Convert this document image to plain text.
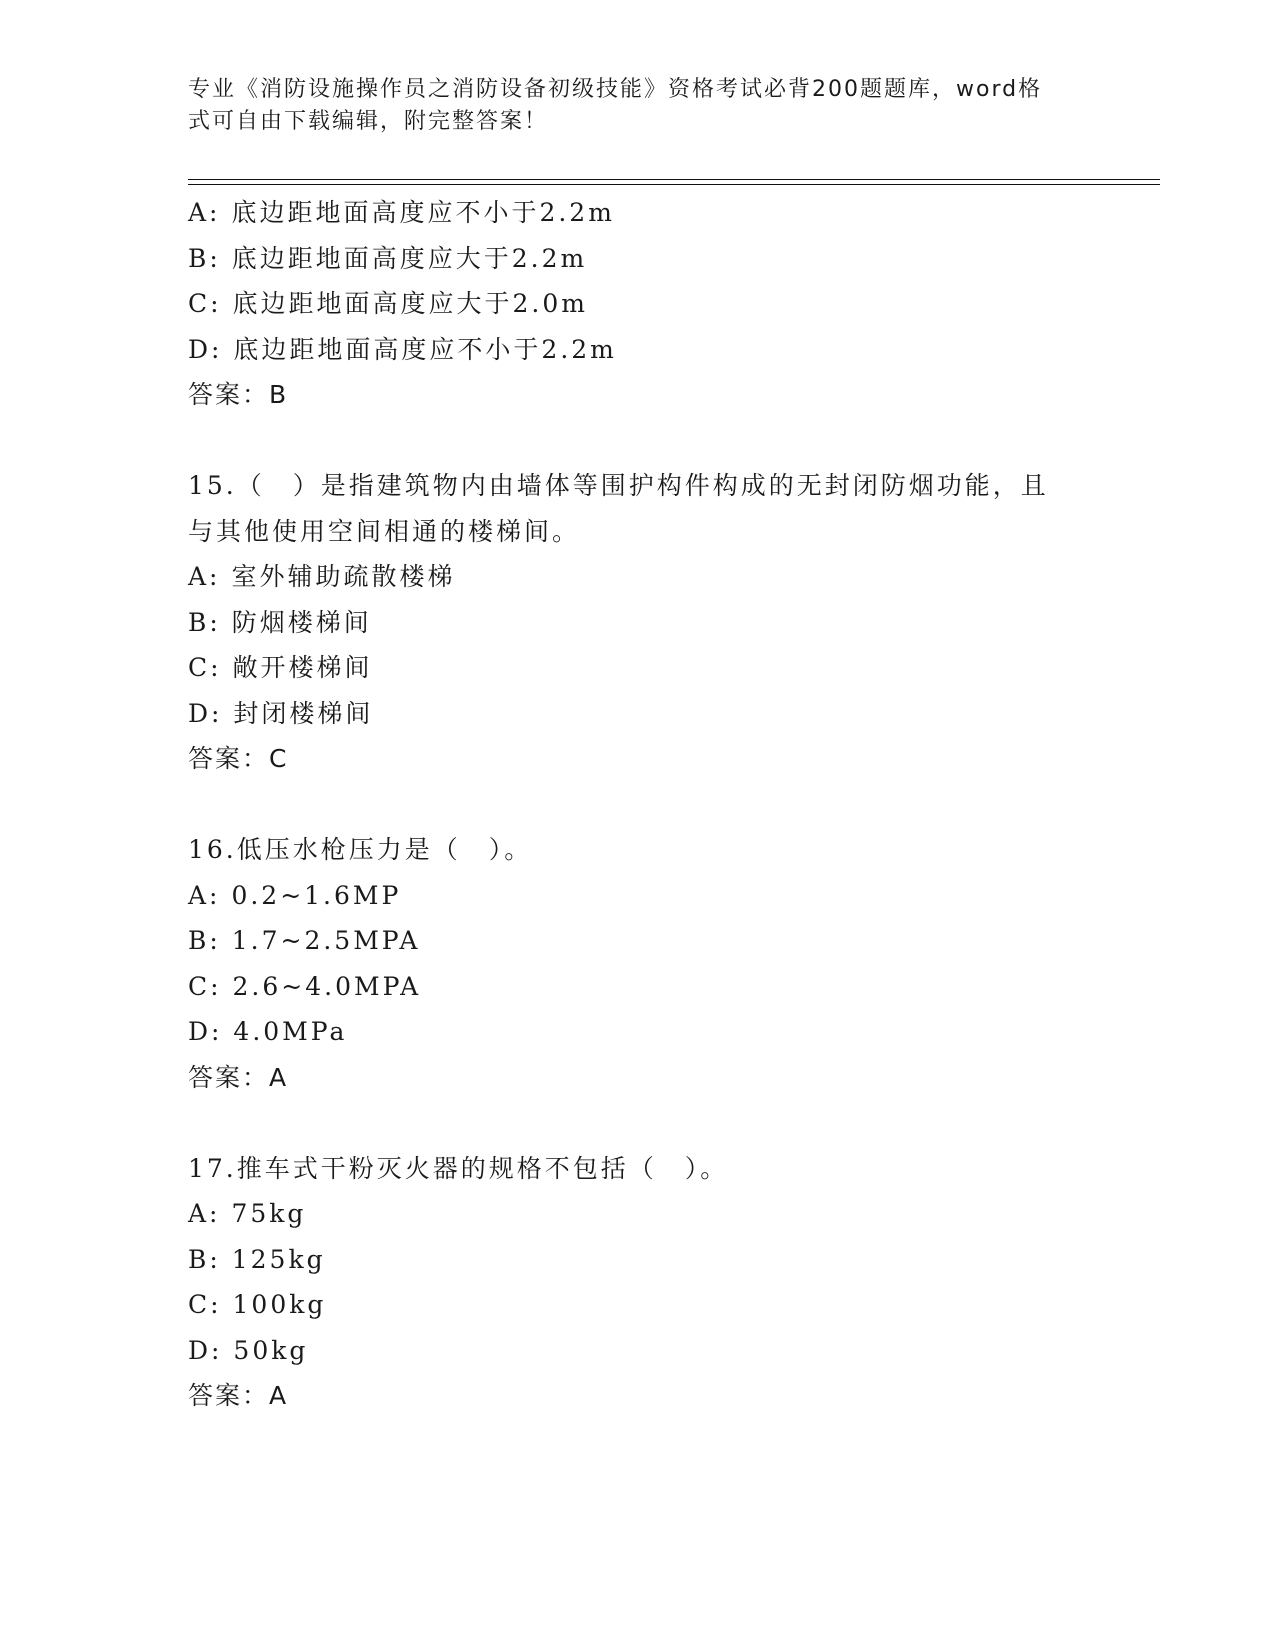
专业《消防设施操作员之消防设备初级技能》资格考试必背200题题库，word格
式可自由下载编辑，附完整答案！
A: 底边距地面高度应不小于2.2m
B: 底边距地面高度应大于2.2m
C: 底边距地面高度应大于2.0m
D: 底边距地面高度应不小于2.2m
答案：B
15.（　）是指建筑物内由墙体等围护构件构成的无封闭防烟功能，且
与其他使用空间相通的楼梯间。
A: 室外辅助疏散楼梯
B: 防烟楼梯间
C: 敞开楼梯间
D: 封闭楼梯间
答案：C
16.低压水枪压力是（　）。
A: 0.2~1.6MP
B: 1.7~2.5MPA
C: 2.6~4.0MPA
D: 4.0MPa
答案：A
17.推车式干粉灭火器的规格不包括（　）。
A: 75kg
B: 125kg
C: 100kg
D: 50kg
答案：A
